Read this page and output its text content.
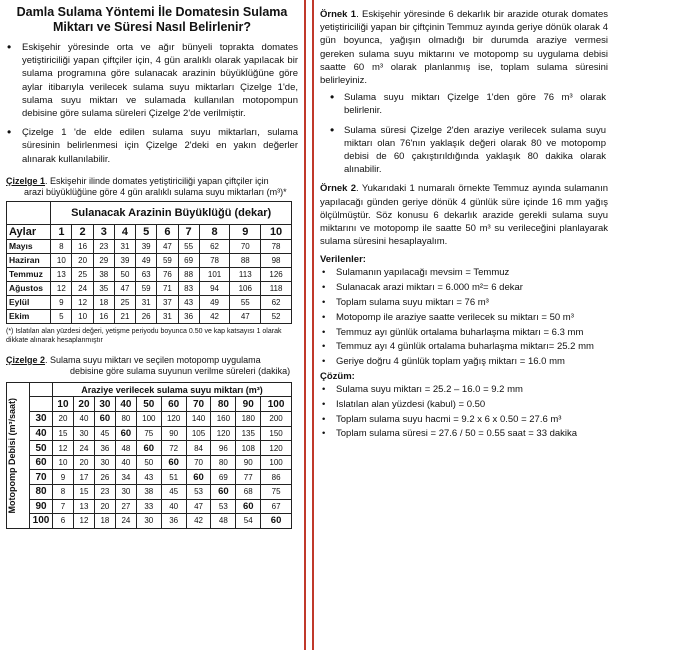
Damla Sulama Yöntemi İle Domatesin Sulama Miktarı ve Süresi Nasıl Belirlenir?
• Eskişehir yöresinde orta ve ağır bünyeli toprakta domates yetiştiriciliği yapan çiftçiler için, 4 gün aralıklı olarak yapılacak bir sulama programına göre sulanacak arazinin büyüklüğüne göre aylar itibarıyla verilecek sulama suyu miktarları Çizelge 1'de, sulama suyu miktarı ve sulamada kullanılan motopompun debisine göre sulama süreleri Çizelge 2'de verilmiştir.
• Çizelge 1 'de elde edilen sulama suyu miktarları, sulama süresinin belirlenmesi için Çizelge 2'deki en yakın değerler alınarak kullanılabilir.
Çizelge 1. Eskişehir ilinde domates yetiştiriciliği yapan çiftçiler için
arazi büyüklüğüne göre 4 gün aralıklı sulama suyu miktarları (m³)*
	Sulanacak Arazinin Büyüklüğü (dekar)									
Aylar	1	2	3	4	5	6	7	8	9	10
Mayıs	8	16	23	31	39	47	55	62	70	78
Haziran	10	20	29	39	49	59	69	78	88	98
Temmuz	13	25	38	50	63	76	88	101	113	126
Ağustos	12	24	35	47	59	71	83	94	106	118
Eylül	9	12	18	25	31	37	43	49	55	62
Ekim	5	10	16	21	26	31	36	42	47	52
(*) Islatılan alan yüzdesi değeri, yetişme periyodu boyunca 0.50 ve kap katsayısı 1 olarak dikkate alınarak hesaplanmıştır
Çizelge 2. Sulama suyu miktarı ve seçilen motopomp uygulama
debisine göre sulama suyunun verilme süreleri (dakika)
Motopomp Debisi (m³/saat)		Araziye verilecek sulama suyu miktarı (m³)									
		10	20	30	40	50	60	70	80	90	100
	30	20	40	60	80	100	120	140	160	180	200
	40	15	30	45	60	75	90	105	120	135	150
	50	12	24	36	48	60	72	84	96	108	120
	60	10	20	30	40	50	60	70	80	90	100
	70	9	17	26	34	43	51	60	69	77	86
	80	8	15	23	30	38	45	53	60	68	75
	90	7	13	20	27	33	40	47	53	60	67
	100	6	12	18	24	30	36	42	48	54	60
Örnek 1. Eskişehir yöresinde 6 dekarlık bir arazide oturak domates yetiştiriciliği yapan bir çiftçinin Temmuz ayında geriye dönük olarak 4 gün boyunca, yağışın olmadığı bir durumda araziye vermesi gereken sulama suyu miktarını ve motopomp su uygulama debisi saatte 60 m³ olarak planlanmış ise, toplam sulama süresini belirleyiniz.
• Sulama suyu miktarı Çizelge 1'den göre 76 m³ olarak belirlenir.
• Sulama süresi Çizelge 2'den araziye verilecek sulama suyu miktarı olan 76'nın yaklaşık değeri olarak 80 ve motopomp debisi de 60 çakıştırıldığında yaklaşık 80 dakika olarak alınabilir.
Örnek 2. Yukarıdaki 1 numaralı örnekte Temmuz ayında sulamanın yapılacağı günden geriye dönük 4 günlük süre içinde 16 mm yağış ölçülmüştür. Söz konusu 6 dekarlık arazide gerekli sulama suyu miktarını ve motopomp ile saatte 50 m³ su verileceğini planlayarak sulama süresini hesaplayalım.
Verilenler:
• Sulamanın yapılacağı mevsim = Temmuz
• Sulanacak arazi miktarı = 6.000 m²= 6 dekar
• Toplam sulama suyu miktarı = 76 m³
• Motopomp ile araziye saatte verilecek su miktarı = 50 m³
• Temmuz ayı günlük ortalama buharlaşma miktarı = 6.3 mm
• Temmuz ayı 4 günlük ortalama buharlaşma miktarı= 25.2 mm
• Geriye doğru 4 günlük toplam yağış miktarı = 16.0 mm
Çözüm:
• Sulama suyu miktarı = 25.2 – 16.0 = 9.2 mm
• Islatılan alan yüzdesi (kabul) = 0.50
• Toplam sulama suyu hacmi = 9.2 x 6 x 0.50 = 27.6 m³
• Toplam sulama süresi = 27.6 / 50 = 0.55 saat = 33 dakika
